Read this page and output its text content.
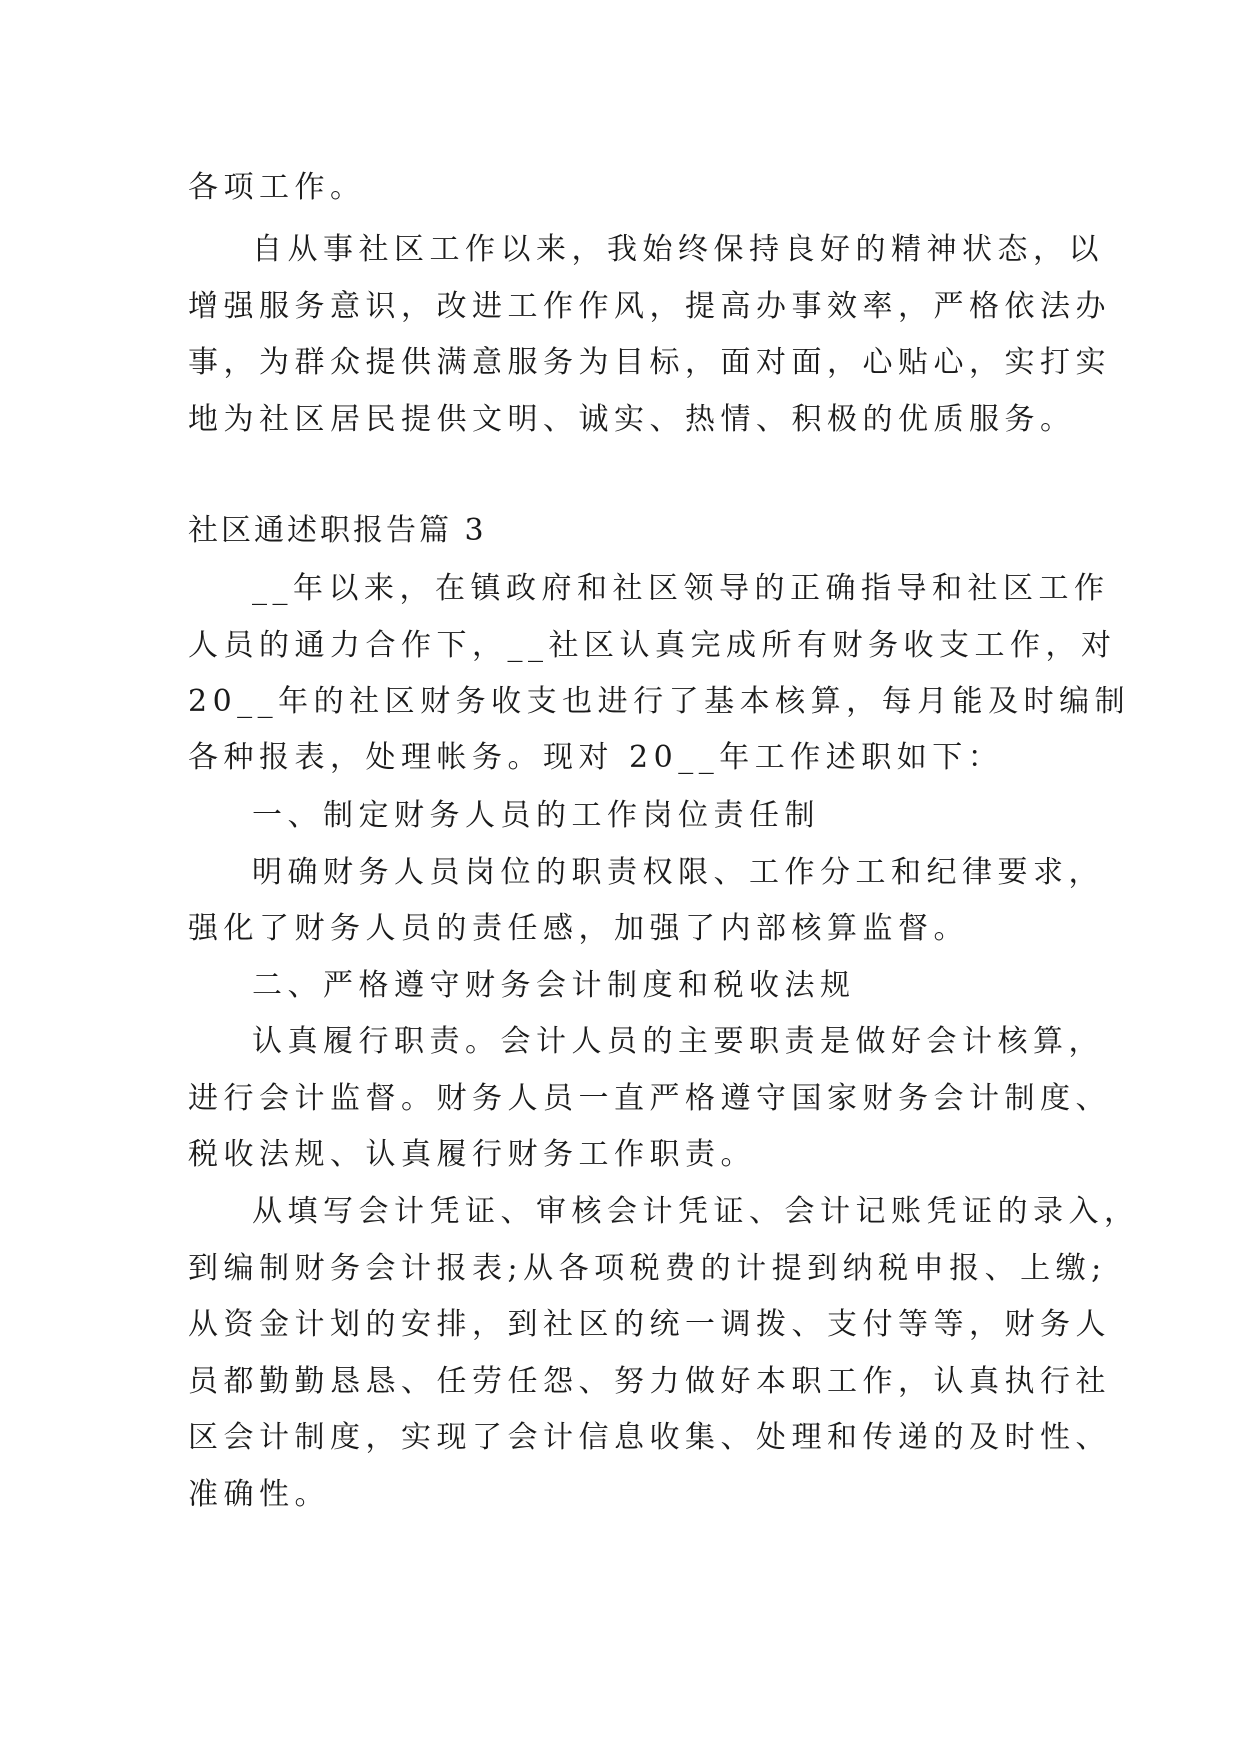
各项工作。
自从事社区工作以来，我始终保持良好的精神状态，以
增强服务意识，改进工作作风，提高办事效率，严格依法办
事，为群众提供满意服务为目标，面对面，心贴心，实打实
地为社区居民提供文明、诚实、热情、积极的优质服务。
社区通述职报告篇 3
__年以来，在镇政府和社区领导的正确指导和社区工作
人员的通力合作下，__社区认真完成所有财务收支工作，对
20__年的社区财务收支也进行了基本核算，每月能及时编制
各种报表，处理帐务。现对 20__年工作述职如下：
一、制定财务人员的工作岗位责任制
明确财务人员岗位的职责权限、工作分工和纪律要求，
强化了财务人员的责任感，加强了内部核算监督。
二、严格遵守财务会计制度和税收法规
认真履行职责。会计人员的主要职责是做好会计核算，
进行会计监督。财务人员一直严格遵守国家财务会计制度、
税收法规、认真履行财务工作职责。
从填写会计凭证、审核会计凭证、会计记账凭证的录入，
到编制财务会计报表;从各项税费的计提到纳税申报、上缴;
从资金计划的安排，到社区的统一调拨、支付等等，财务人
员都勤勤恳恳、任劳任怨、努力做好本职工作，认真执行社
区会计制度，实现了会计信息收集、处理和传递的及时性、
准确性。
